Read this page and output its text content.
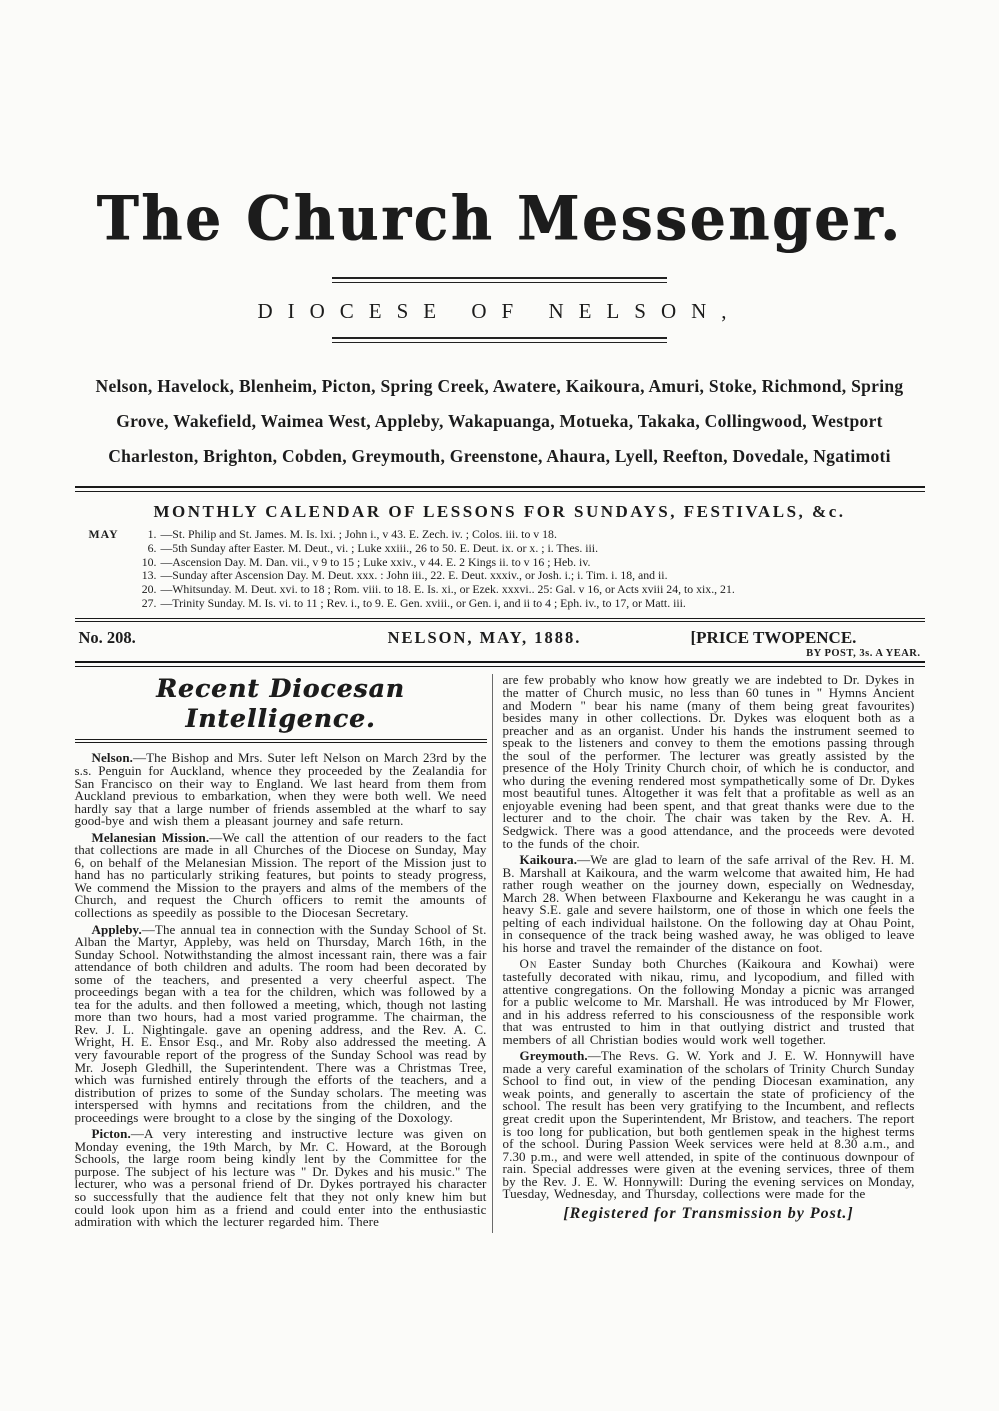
The Church Messenger.
DIOCESE OF NELSON,
Nelson, Havelock, Blenheim, Picton, Spring Creek, Awatere, Kaikoura, Amuri, Stoke, Richmond, Spring
Grove, Wakefield, Waimea West, Appleby, Wakapuanga, Motueka, Takaka, Collingwood, Westport
Charleston, Brighton, Cobden, Greymouth, Greenstone, Ahaura, Lyell, Reefton, Dovedale, Ngatimoti
MONTHLY CALENDAR OF LESSONS FOR SUNDAYS, FESTIVALS, &c.
MAY	1. —St. Philip and St. James. M. Is. lxi. ; John i., v 43. E. Zech. iv. ; Colos. iii. to v 18.
6. —5th Sunday after Easter. M. Deut., vi. ; Luke xxiii., 26 to 50. E. Deut. ix. or x. ; i. Thes. iii.
10. —Ascension Day. M. Dan. vii., v 9 to 15 ; Luke xxiv., v 44. E. 2 Kings ii. to v 16 ; Heb. iv.
13. —Sunday after Ascension Day. M. Deut. xxx. : John iii., 22. E. Deut. xxxiv., or Josh. i.; i. Tim. i. 18, and ii.
20. —Whitsunday. M. Deut. xvi. to 18 ; Rom. viii. to 18. E. Is. xi., or Ezek. xxxvi.. 25: Gal. v 16, or Acts xviii 24, to xix., 21.
27. —Trinity Sunday. M. Is. vi. to 11 ; Rev. i., to 9. E. Gen. xviii., or Gen. i, and ii to 4 ; Eph. iv., to 17, or Matt. iii.
No. 208.	NELSON, MAY, 1888.	[PRICE TWOPENCE.
BY POST, 3s. A YEAR.
Recent Diocesan Intelligence.

Nelson.—The Bishop and Mrs. Suter left Nelson on March 23rd by the s.s. Penguin for Auckland, whence they proceeded by the Zealandia for San Francisco on their way to England. We last heard from them from Auckland previous to embarkation, when they were both well. We need hardly say that a large number of friends assembled at the wharf to say good-bye and wish them a pleasant journey and safe return.

Melanesian Mission.—We call the attention of our readers to the fact that collections are made in all Churches of the Diocese on Sunday, May 6, on behalf of the Melanesian Mission. The report of the Mission just to hand has no particularly striking features, but points to steady progress, We commend the Mission to the prayers and alms of the members of the Church, and request the Church officers to remit the amounts of collections as speedily as possible to the Diocesan Secretary.

Appleby.—The annual tea in connection with the Sunday School of St. Alban the Martyr, Appleby, was held on Thursday, March 16th, in the Sunday School. Notwithstanding the almost incessant rain, there was a fair attendance of both children and adults. The room had been decorated by some of the teachers, and presented a very cheerful aspect. The proceedings began with a tea for the children, which was followed by a tea for the adults. and then followed a meeting, which, though not lasting more than two hours, had a most varied programme. The chairman, the Rev. J. L. Nightingale. gave an opening address, and the Rev. A. C. Wright, H. E. Ensor Esq., and Mr. Roby also addressed the meeting. A very favourable report of the progress of the Sunday School was read by Mr. Joseph Gledhill, the Superintendent. There was a Christmas Tree, which was furnished entirely through the efforts of the teachers, and a distribution of prizes to some of the Sunday scholars. The meeting was interspersed with hymns and recitations from the children, and the proceedings were brought to a close by the singing of the Doxology.

Picton.—A very interesting and instructive lecture was given on Monday evening, the 19th March, by Mr. C. Howard, at the Borough Schools, the large room being kindly lent by the Committee for the purpose. The subject of his lecture was " Dr. Dykes and his music." The lecturer, who was a personal friend of Dr. Dykes portrayed his character so successfully that the audience felt that they not only knew him but could look upon him as a friend and could enter into the enthusiastic admiration with which the lecturer regarded him. There

are few probably who know how greatly we are indebted to Dr. Dykes in the matter of Church music, no less than 60 tunes in " Hymns Ancient and Modern " bear his name (many of them being great favourites) besides many in other collections. Dr. Dykes was eloquent both as a preacher and as an organist. Under his hands the instrument seemed to speak to the listeners and convey to them the emotions passing through the soul of the performer. The lecturer was greatly assisted by the presence of the Holy Trinity Church choir, of which he is conductor, and who during the evening rendered most sympathetically some of Dr. Dykes most beautiful tunes. Altogether it was felt that a profitable as well as an enjoyable evening had been spent, and that great thanks were due to the lecturer and to the choir. The chair was taken by the Rev. A. H. Sedgwick. There was a good attendance, and the proceeds were devoted to the funds of the choir.

Kaikoura.—We are glad to learn of the safe arrival of the Rev. H. M. B. Marshall at Kaikoura, and the warm welcome that awaited him, He had rather rough weather on the journey down, especially on Wednesday, March 28. When between Flaxbourne and Kekerangu he was caught in a heavy S.E. gale and severe hailstorm, one of those in which one feels the pelting of each individual hailstone. On the following day at Ohau Point, in consequence of the track being washed away, he was obliged to leave his horse and travel the remainder of the distance on foot.

On Easter Sunday both Churches (Kaikoura and Kowhai) were tastefully decorated with nikau, rimu, and lycopodium, and filled with attentive congregations. On the following Monday a picnic was arranged for a public welcome to Mr. Marshall. He was introduced by Mr Flower, and in his address referred to his consciousness of the responsible work that was entrusted to him in that outlying district and trusted that members of all Christian bodies would work well together.

Greymouth.—The Revs. G. W. York and J. E. W. Honnywill have made a very careful examination of the scholars of Trinity Church Sunday School to find out, in view of the pending Diocesan examination, any weak points, and generally to ascertain the state of proficiency of the school. The result has been very gratifying to the Incumbent, and reflects great credit upon the Superintendent, Mr Bristow, and teachers. The report is too long for publication, but both gentlemen speak in the highest terms of the school. During Passion Week services were held at 8.30 a.m., and 7.30 p.m., and were well attended, in spite of the continuous downpour of rain. Special addresses were given at the evening services, three of them by the Rev. J. E. W. Honnywill: During the evening services on Monday, Tuesday, Wednesday, and Thursday, collections were made for the

[Registered for Transmission by Post.]
